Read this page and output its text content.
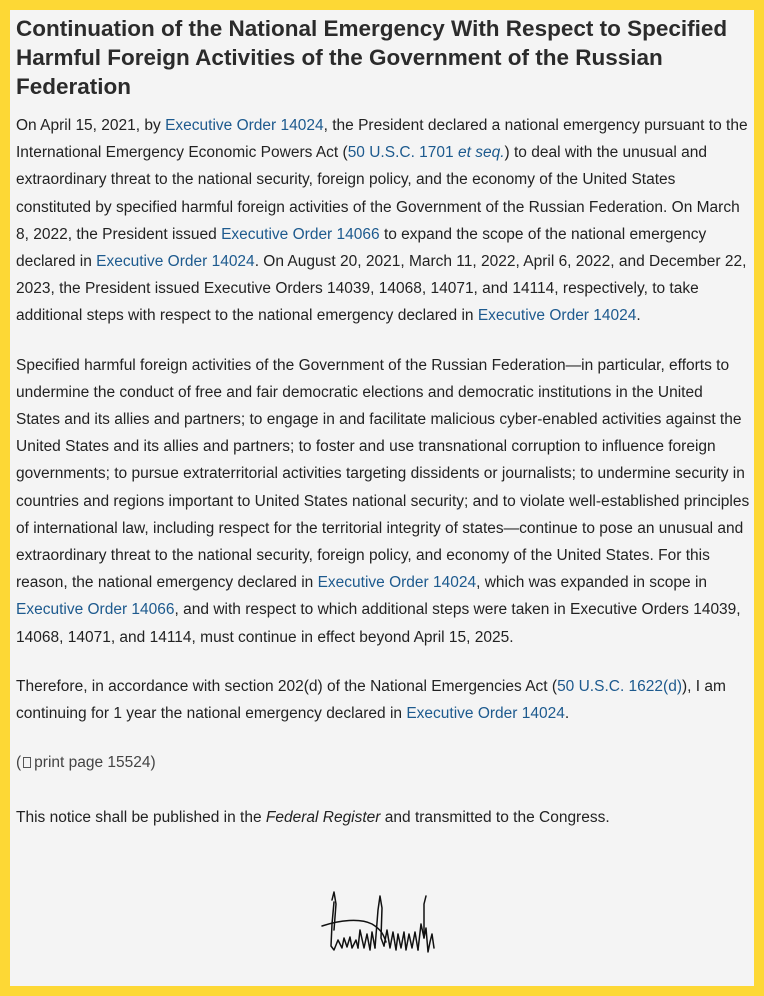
Continuation of the National Emergency With Respect to Specified Harmful Foreign Activities of the Government of the Russian Federation

On April 15, 2021, by Executive Order 14024, the President declared a national emergency pursuant to the International Emergency Economic Powers Act (50 U.S.C. 1701 et seq.) to deal with the unusual and extraordinary threat to the national security, foreign policy, and the economy of the United States constituted by specified harmful foreign activities of the Government of the Russian Federation. On March 8, 2022, the President issued Executive Order 14066 to expand the scope of the national emergency declared in Executive Order 14024. On August 20, 2021, March 11, 2022, April 6, 2022, and December 22, 2023, the President issued Executive Orders 14039, 14068, 14071, and 14114, respectively, to take additional steps with respect to the national emergency declared in Executive Order 14024.

Specified harmful foreign activities of the Government of the Russian Federation—in particular, efforts to undermine the conduct of free and fair democratic elections and democratic institutions in the United States and its allies and partners; to engage in and facilitate malicious cyber-enabled activities against the United States and its allies and partners; to foster and use transnational corruption to influence foreign governments; to pursue extraterritorial activities targeting dissidents or journalists; to undermine security in countries and regions important to United States national security; and to violate well-established principles of international law, including respect for the territorial integrity of states—continue to pose an unusual and extraordinary threat to the national security, foreign policy, and economy of the United States. For this reason, the national emergency declared in Executive Order 14024, which was expanded in scope in Executive Order 14066, and with respect to which additional steps were taken in Executive Orders 14039, 14068, 14071, and 14114, must continue in effect beyond April 15, 2025.

Therefore, in accordance with section 202(d) of the National Emergencies Act (50 U.S.C. 1622(d)), I am continuing for 1 year the national emergency declared in Executive Order 14024.

( print page 15524)

This notice shall be published in the Federal Register and transmitted to the Congress.
